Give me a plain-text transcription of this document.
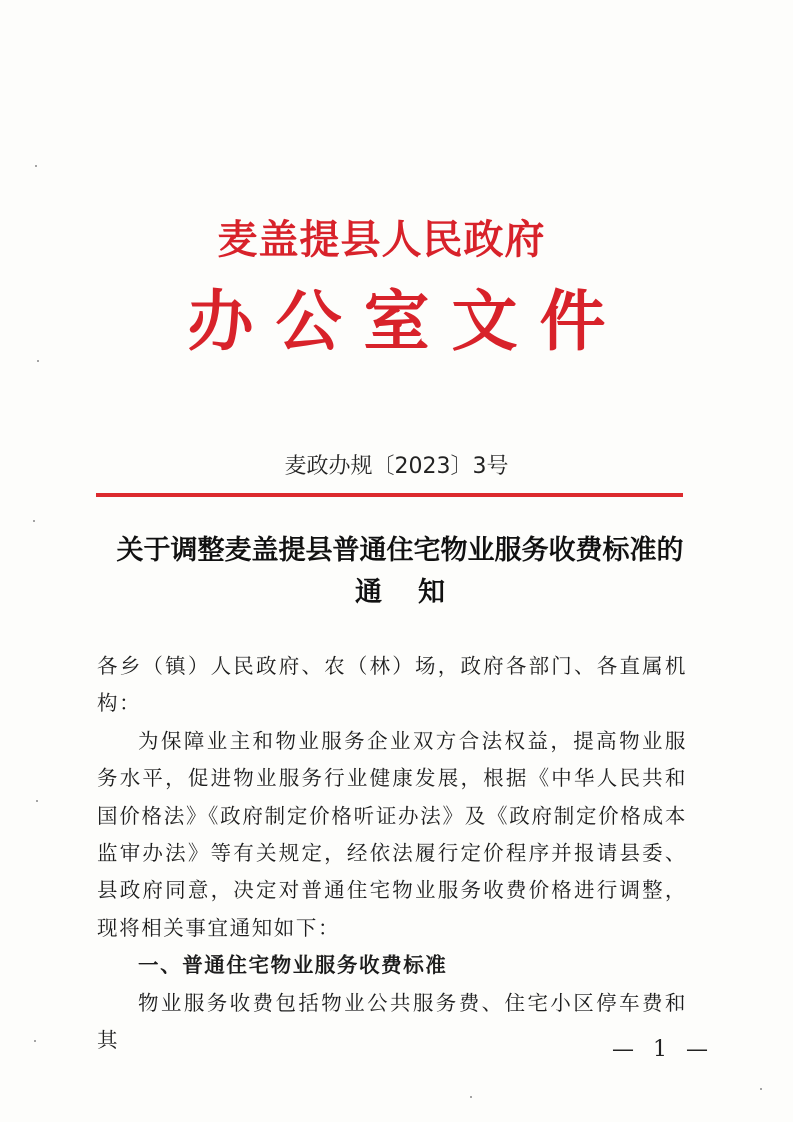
麦盖提县人民政府
办公室文件
麦政办规〔2023〕3号
关于调整麦盖提县普通住宅物业服务收费标准的
通知

各乡（镇）人民政府、农（林）场，政府各部门、各直属机构：

为保障业主和物业服务企业双方合法权益，提高物业服务水平，促进物业服务行业健康发展，根据《中华人民共和国价格法》《政府制定价格听证办法》及《政府制定价格成本监审办法》等有关规定，经依法履行定价程序并报请县委、县政府同意，决定对普通住宅物业服务收费价格进行调整，现将相关事宜通知如下：

一、普通住宅物业服务收费标准

物业服务收费包括物业公共服务费、住宅小区停车费和其	— 1 —
